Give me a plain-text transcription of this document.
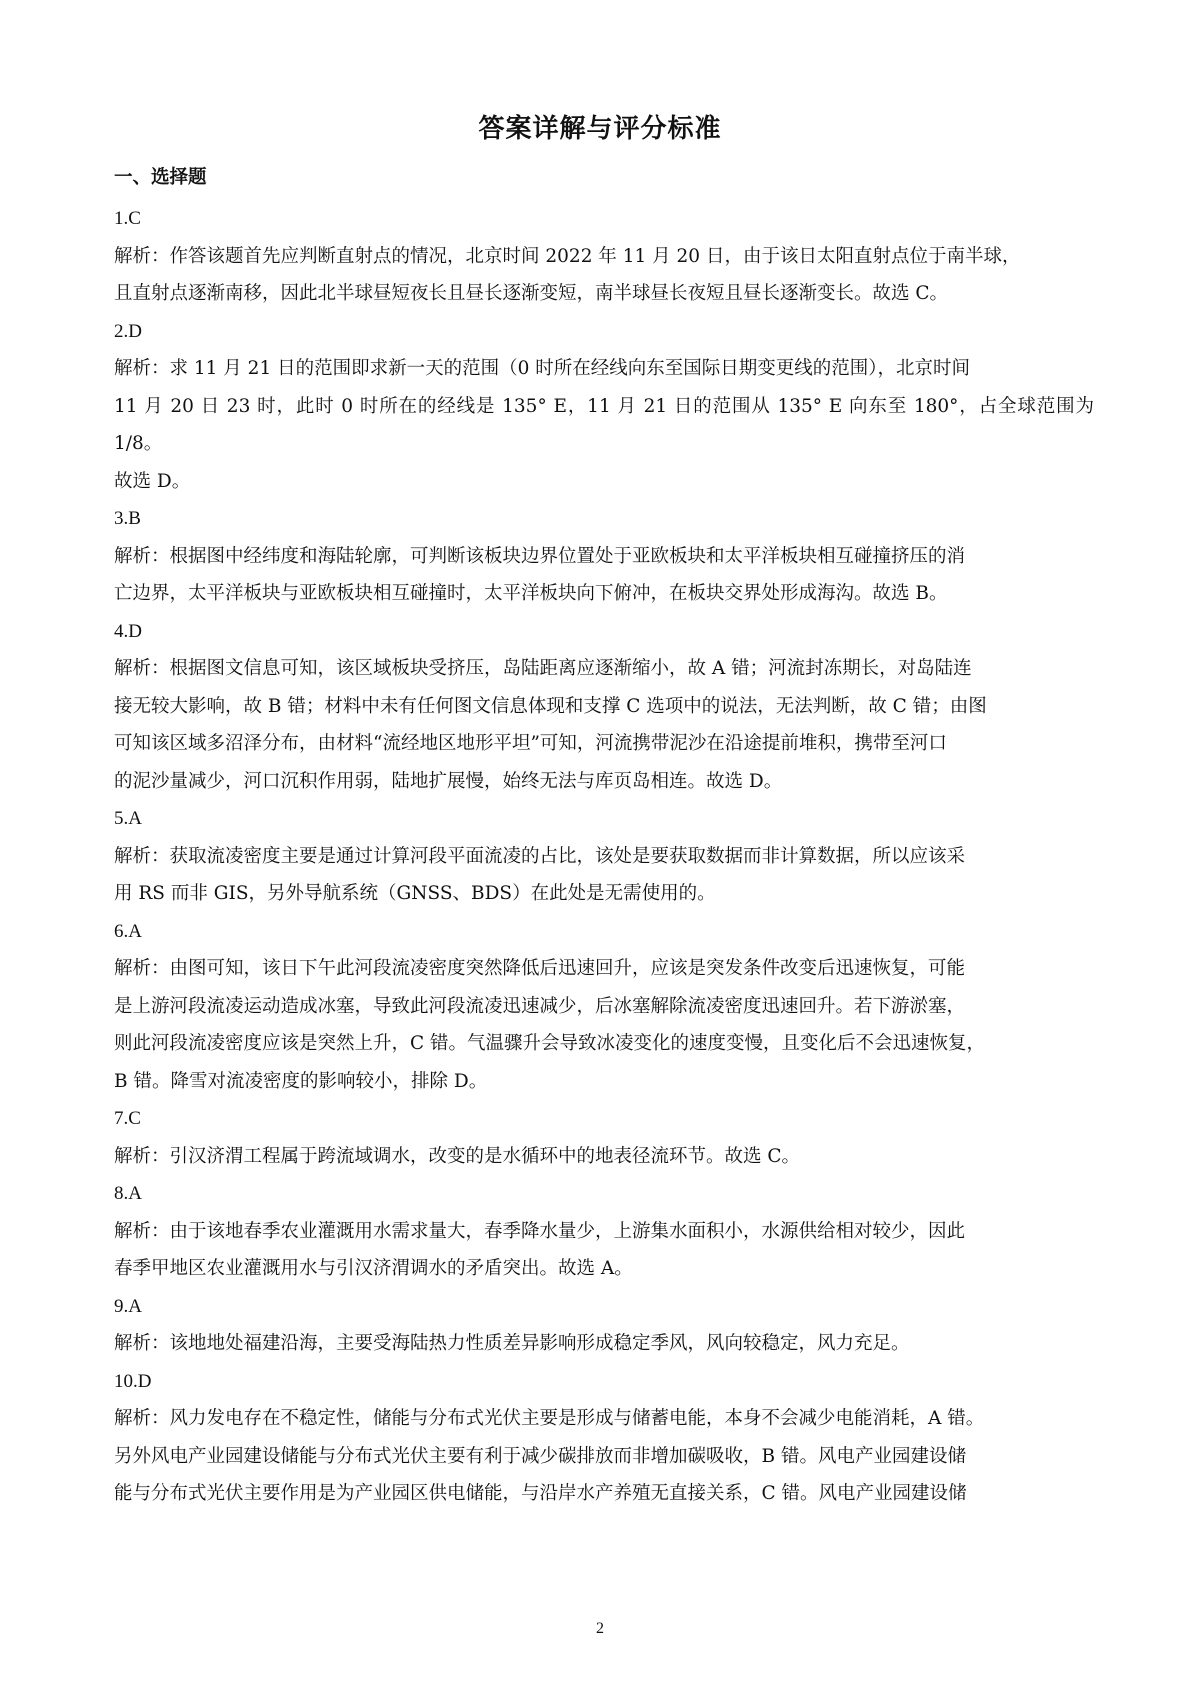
答案详解与评分标准
一、选择题

1.C

解析：作答该题首先应判断直射点的情况，北京时间 2022 年 11 月 20 日，由于该日太阳直射点位于南半球，

且直射点逐渐南移，因此北半球昼短夜长且昼长逐渐变短，南半球昼长夜短且昼长逐渐变长。故选 C。

2.D

解析：求 11 月 21 日的范围即求新一天的范围（0 时所在经线向东至国际日期变更线的范围），北京时间

11 月 20 日 23 时，此时 0 时所在的经线是 135° E，11 月 21 日的范围从 135° E 向东至 180°，占全球范围为 1/8。

故选 D。

3.B

解析：根据图中经纬度和海陆轮廓，可判断该板块边界位置处于亚欧板块和太平洋板块相互碰撞挤压的消

亡边界，太平洋板块与亚欧板块相互碰撞时，太平洋板块向下俯冲，在板块交界处形成海沟。故选 B。

4.D

解析：根据图文信息可知，该区域板块受挤压，岛陆距离应逐渐缩小，故 A 错；河流封冻期长，对岛陆连

接无较大影响，故 B 错；材料中未有任何图文信息体现和支撑 C 选项中的说法，无法判断，故 C 错；由图

可知该区域多沼泽分布，由材料“流经地区地形平坦”可知，河流携带泥沙在沿途提前堆积，携带至河口

的泥沙量减少，河口沉积作用弱，陆地扩展慢，始终无法与库页岛相连。故选 D。

5.A

解析：获取流凌密度主要是通过计算河段平面流凌的占比，该处是要获取数据而非计算数据，所以应该采

用 RS 而非 GIS，另外导航系统（GNSS、BDS）在此处是无需使用的。

6.A

解析：由图可知，该日下午此河段流凌密度突然降低后迅速回升，应该是突发条件改变后迅速恢复，可能

是上游河段流凌运动造成冰塞，导致此河段流凌迅速减少，后冰塞解除流凌密度迅速回升。若下游淤塞，

则此河段流凌密度应该是突然上升，C 错。气温骤升会导致冰凌变化的速度变慢，且变化后不会迅速恢复，

B 错。降雪对流凌密度的影响较小，排除 D。

7.C

解析：引汉济渭工程属于跨流域调水，改变的是水循环中的地表径流环节。故选 C。

8.A

解析：由于该地春季农业灌溉用水需求量大，春季降水量少，上游集水面积小，水源供给相对较少，因此

春季甲地区农业灌溉用水与引汉济渭调水的矛盾突出。故选 A。

9.A

解析：该地地处福建沿海，主要受海陆热力性质差异影响形成稳定季风，风向较稳定，风力充足。

10.D

解析：风力发电存在不稳定性，储能与分布式光伏主要是形成与储蓄电能，本身不会减少电能消耗，A 错。

另外风电产业园建设储能与分布式光伏主要有利于减少碳排放而非增加碳吸收，B 错。风电产业园建设储

能与分布式光伏主要作用是为产业园区供电储能，与沿岸水产养殖无直接关系，C 错。风电产业园建设储

2
